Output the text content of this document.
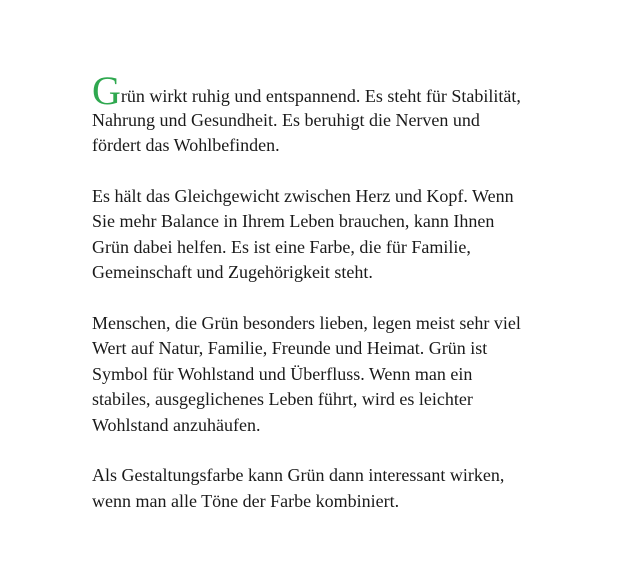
Grün wirkt ruhig und entspannend. Es steht für Stabilität,
Nahrung und Gesundheit. Es beruhigt die Nerven und
fördert das Wohlbefinden.

Es hält das Gleichgewicht zwischen Herz und Kopf. Wenn
Sie mehr Balance in Ihrem Leben brauchen, kann Ihnen
Grün dabei helfen. Es ist eine Farbe, die für Familie,
Gemeinschaft und Zugehörigkeit steht.

Menschen, die Grün besonders lieben, legen meist sehr viel
Wert auf Natur, Familie, Freunde und Heimat. Grün ist
Symbol für Wohlstand und Überfluss. Wenn man ein
stabiles, ausgeglichenes Leben führt, wird es leichter
Wohlstand anzuhäufen.

Als Gestaltungsfarbe kann Grün dann interessant wirken,
wenn man alle Töne der Farbe kombiniert.
